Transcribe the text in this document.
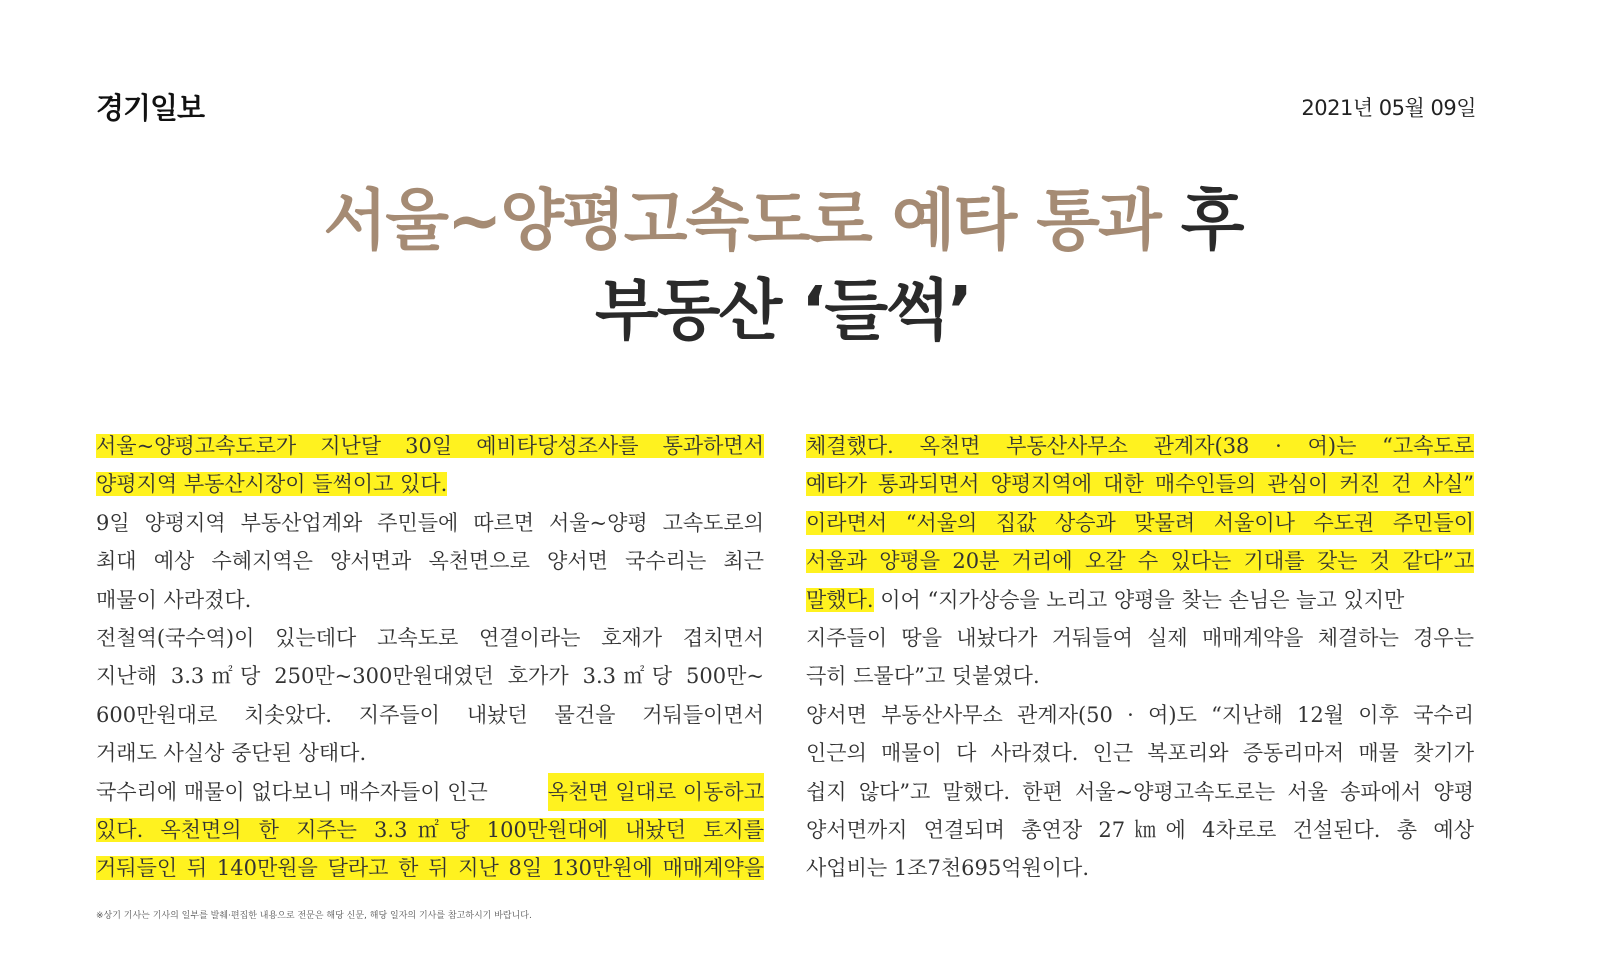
경기일보	2021년 05월 09일
서울~양평고속도로 예타 통과 후
부동산 ‘들썩’
서울~양평고속도로가 지난달 30일 예비타당성조사를 통과하면서
양평지역 부동산시장이 들썩이고 있다.
9일 양평지역 부동산업계와 주민들에 따르면 서울~양평 고속도로의
최대 예상 수혜지역은 양서면과 옥천면으로 양서면 국수리는 최근
매물이 사라졌다.
전철역(국수역)이 있는데다 고속도로 연결이라는 호재가 겹치면서
지난해 3.3㎡당 250만~300만원대였던 호가가 3.3㎡당 500만~
600만원대로 치솟았다. 지주들이 내놨던 물건을 거둬들이면서
거래도 사실상 중단된 상태다.
국수리에 매물이 없다보니 매수자들이 인근	옥천면 일대로 이동하고
있다. 옥천면의 한 지주는 3.3㎡당 100만원대에 내놨던 토지를
거둬들인 뒤 140만원을 달라고 한 뒤 지난 8일 130만원에 매매계약을
체결했다. 옥천면 부동산사무소 관계자(38 · 여)는 “고속도로
예타가 통과되면서 양평지역에 대한 매수인들의 관심이 커진 건 사실”
이라면서 “서울의 집값 상승과 맞물려 서울이나 수도권 주민들이
서울과 양평을 20분 거리에 오갈 수 있다는 기대를 갖는 것 같다”고
말했다. 이어 “지가상승을 노리고 양평을 찾는 손님은 늘고 있지만
지주들이 땅을 내놨다가 거둬들여 실제 매매계약을 체결하는 경우는
극히 드물다”고 덧붙였다.
양서면 부동산사무소 관계자(50 · 여)도 “지난해 12월 이후 국수리
인근의 매물이 다 사라졌다. 인근 복포리와 증동리마저 매물 찾기가
쉽지 않다”고 말했다. 한편 서울~양평고속도로는 서울 송파에서 양평
양서면까지 연결되며 총연장 27㎞에 4차로로 건설된다. 총 예상
사업비는 1조7천695억원이다.
※상기 기사는 기사의 일부를 발췌·편집한 내용으로 전문은 해당 신문, 해당 일자의 기사를 참고하시기 바랍니다.
